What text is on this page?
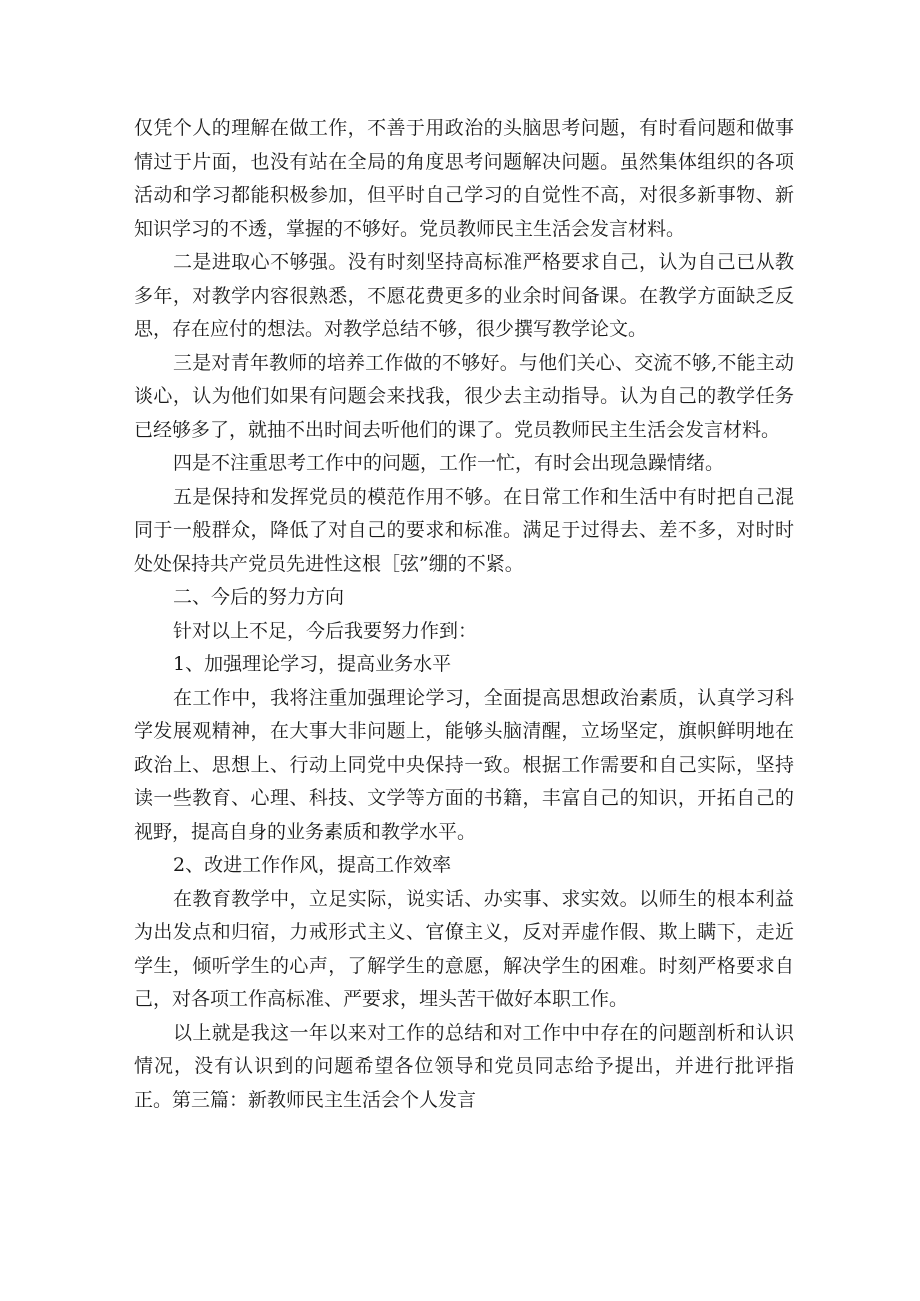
仅凭个人的理解在做工作，不善于用政治的头脑思考问题，有时看问题和做事情过于片面，也没有站在全局的角度思考问题解决问题。虽然集体组织的各项活动和学习都能积极参加，但平时自己学习的自觉性不高，对很多新事物、新知识学习的不透，掌握的不够好。党员教师民主生活会发言材料。

二是进取心不够强。没有时刻坚持高标准严格要求自己，认为自己已从教多年，对教学内容很熟悉，不愿花费更多的业余时间备课。在教学方面缺乏反思，存在应付的想法。对教学总结不够，很少撰写教学论文。

三是对青年教师的培养工作做的不够好。与他们关心、交流不够,不能主动谈心，认为他们如果有问题会来找我，很少去主动指导。认为自己的教学任务已经够多了，就抽不出时间去听他们的课了。党员教师民主生活会发言材料。

四是不注重思考工作中的问题，工作一忙，有时会出现急躁情绪。

五是保持和发挥党员的模范作用不够。在日常工作和生活中有时把自己混同于一般群众，降低了对自己的要求和标准。满足于过得去、差不多，对时时处处保持共产党员先进性这根［弦”绷的不紧。

二、今后的努力方向

针对以上不足，今后我要努力作到：

1、加强理论学习，提高业务水平

在工作中，我将注重加强理论学习，全面提高思想政治素质，认真学习科学发展观精神，在大事大非问题上，能够头脑清醒，立场坚定，旗帜鲜明地在政治上、思想上、行动上同党中央保持一致。根据工作需要和自己实际，坚持读一些教育、心理、科技、文学等方面的书籍，丰富自己的知识，开拓自己的视野，提高自身的业务素质和教学水平。

2、改进工作作风，提高工作效率

在教育教学中，立足实际，说实话、办实事、求实效。以师生的根本利益为出发点和归宿，力戒形式主义、官僚主义，反对弄虚作假、欺上瞒下，走近学生，倾听学生的心声，了解学生的意愿，解决学生的困难。时刻严格要求自己，对各项工作高标准、严要求，埋头苦干做好本职工作。

以上就是我这一年以来对工作的总结和对工作中中存在的问题剖析和认识情况，没有认识到的问题希望各位领导和党员同志给予提出，并进行批评指正。第三篇：新教师民主生活会个人发言
